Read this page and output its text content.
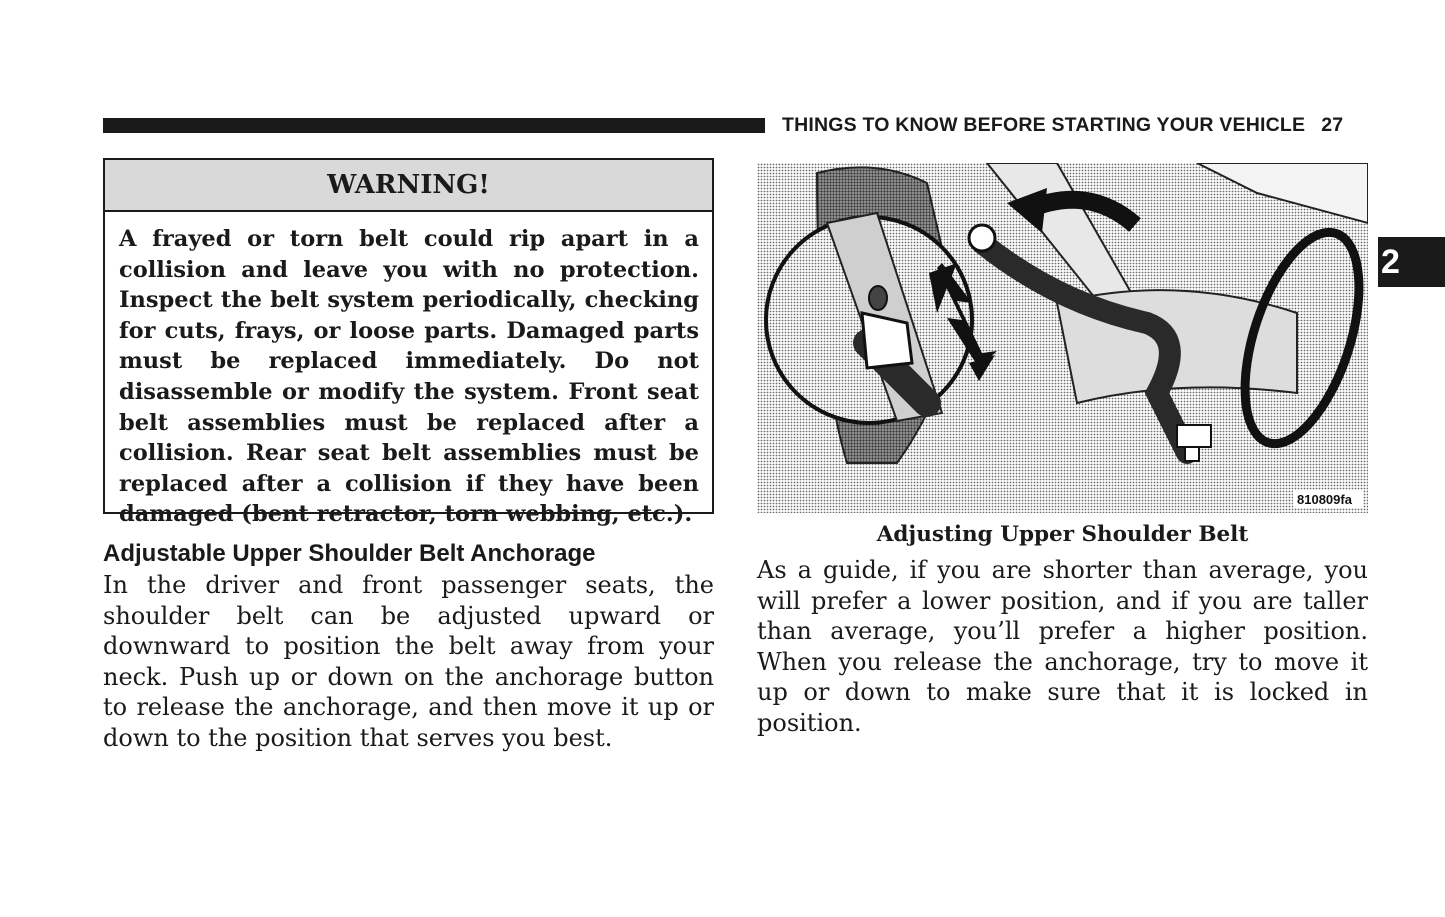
THINGS TO KNOW BEFORE STARTING YOUR VEHICLE 27
2
WARNING!
A frayed or torn belt could rip apart in a collision and leave you with no protection. Inspect the belt system periodically, checking for cuts, frays, or loose parts. Damaged parts must be replaced immediately. Do not disassemble or modify the system. Front seat belt assemblies must be replaced after a collision. Rear seat belt assemblies must be replaced after a collision if they have been damaged (bent retractor, torn webbing, etc.).
Adjustable Upper Shoulder Belt Anchorage
In the driver and front passenger seats, the shoulder belt can be adjusted upward or downward to position the belt away from your neck. Push up or down on the anchorage button to release the anchorage, and then move it up or down to the position that serves you best.
810809fa
Adjusting Upper Shoulder Belt
As a guide, if you are shorter than average, you will prefer a lower position, and if you are taller than average, you’ll prefer a higher position. When you release the anchorage, try to move it up or down to make sure that it is locked in position.
